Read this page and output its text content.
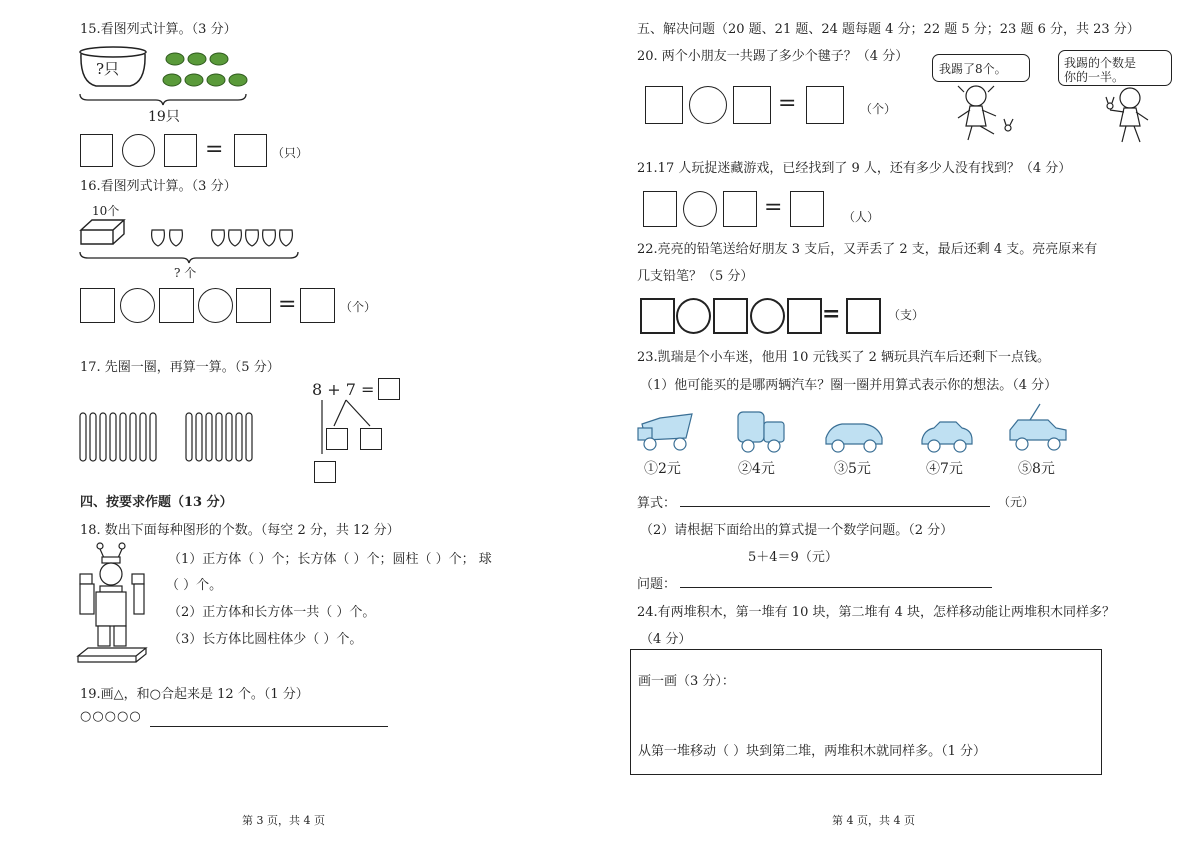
15.看图列式计算。（3 分）
?只
19只
=	（只）
16.看图列式计算。（3 分）
10个
? 个
=	（个）
17. 先圈一圈，再算一算。（5 分）
8 + 7 =
四、按要求作题（13 分）
18. 数出下面每种图形的个数。（每空 2 分，共 12 分）
（1）正方体（ ）个；长方体（ ）个；圆柱（ ）个； 球
（ ）个。
（2）正方体和长方体一共（ ）个。
（3）长方体比圆柱体少（ ）个。
19.画△，和○合起来是 12 个。（1 分）
○○○○○
第 3 页，共 4 页
五、解决问题（20 题、21 题、24 题每题 4 分；22 题 5 分；23 题 6 分，共 23 分）
20. 两个小朋友一共踢了多少个毽子？（4 分）
=	（个）
我踢了8个。	我踢的个数是
你的一半。
21.17 人玩捉迷藏游戏，已经找到了 9 人，还有多少人没有找到？（4 分）
=	（人）
22.亮亮的铅笔送给好朋友 3 支后，又弄丢了 2 支，最后还剩 4 支。亮亮原来有
几支铅笔？（5 分）
=	（支）
23.凯瑞是个小车迷，他用 10 元钱买了 2 辆玩具汽车后还剩下一点钱。
（1）他可能买的是哪两辆汽车？圈一圈并用算式表示你的想法。（4 分）
①2元	②4元	③5元	④7元	⑤8元
算式：	（元）
（2）请根据下面给出的算式提一个数学问题。（2 分）
5＋4＝9（元）
问题：
24.有两堆积木，第一堆有 10 块，第二堆有 4 块，怎样移动能让两堆积木同样多？
（4 分）
画一画（3 分）：
从第一堆移动（ ）块到第二堆，两堆积木就同样多。（1 分）
第 4 页，共 4 页
